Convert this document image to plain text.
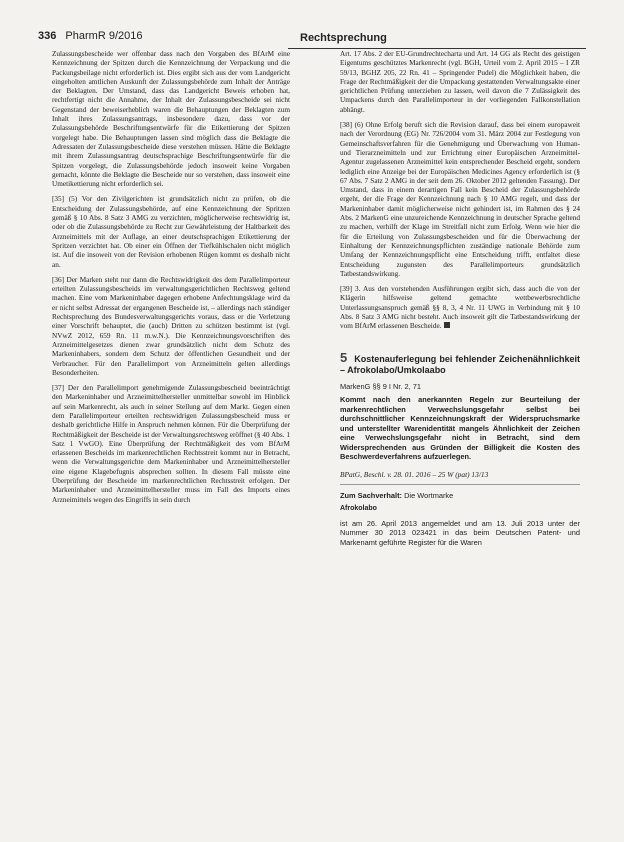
336 PharmR 9/2016	Rechtsprechung

Zulassungsbescheide wer offenbar dass nach den Vorgaben des BfArM eine Kennzeichnung der Spitzen durch die Kennzeichnung der Verpackung und die Packungsbeilage nicht erforderlich ist. Dies ergibt sich aus der vom Landgericht eingeholten amtlichen Auskunft der Zulassungsbehörde zum Inhalt der Anträge der Beklagten. Der Umstand, dass das Landgericht Beweis erhoben hat, rechtfertigt nicht die Annahme, der Inhalt der Zulassungsbescheide sei nicht Gegenstand der beweiserheblich waren die Behauptungen der Beklagten zum Inhalt ihres Zulassungsantrags, insbesondere dazu, dass vor der Zulassungsbehörde Beschriftungsentwürfe für die Etikettierung der Spitzen vorgelegt habe. Die Behauptungen lassen sind möglich dass die Beklagte die Adressaten der Zulassungsbescheide diese verstehen müssen. Hätte die Beklagte mit ihrem Zulassungsantrag deutschsprachige Beschriftungsentwürfe für die Spitzen vorgelegt, die Zulassungsbehörde jedoch insoweit keine Vorgaben gemacht, könnte die Beklagte die Bescheide nur so verstehen, dass insoweit eine Umetikettierung nicht erforderlich sei.

[35] (5) Vor den Zivilgerichten ist grundsätzlich nicht zu prüfen, ob die Entscheidung der Zulassungsbehörde, auf eine Kennzeichnung der Spritzen gemäß § 10 Abs. 8 Satz 3 AMG zu verzichten, möglicherweise rechtswidrig ist, oder ob die Zulassungsbehörde zu Recht zur Gewährleistung der Haltbarkeit des Arzneimittels mit der Auflage, an einer deutschsprachigen Etikettierung der Spritzen verzichtet hat. Ob einer ein Öffnen der Tiefkühlschalen nicht möglich ist. Auf die insoweit von der Revision erhobenen Rügen kommt es deshalb nicht an.

[36] Der Marken steht nur dann die Rechtswidrigkeit des dem Parallelimporteur erteilten Zulassungsbescheids im verwaltungsgerichtlichen Rechtsweg geltend machen. Eine vom Markeninhaber dagegen erhobene Anfechtungsklage wird da er nicht selbst Adressat der ergangenen Bescheide ist, – allerdings nach ständiger Rechtsprechung des Bundesverwaltungsgerichts voraus, dass er die Verletzung einer Vorschrift behauptet, die (auch) Dritten zu schützen bestimmt ist (vgl. NVwZ 2012, 659 Rn. 11 m.w.N.). Die Kennzeichnungsvorschriften des Arzneimittelgesetzes dienen zwar grundsätzlich nicht dem Schutz des Markeninhabers, sondern dem Schutz der öffentlichen Gesundheit und der Verbraucher. Für den Parallelimport von Arzneimitteln gelten allerdings Besonderheiten.

[37] Der den Parallelimport genehmigende Zulassungsbescheid beeinträchtigt den Markeninhaber und Arzneimittelhersteller unmittelbar sowohl im Hinblick auf sein Markenrecht, als auch in seiner Stellung auf dem Markt. Gegen einen dem Parallelimporteur erteilten rechtswidrigen Zulassungsbescheid muss er deshalb gerichtliche Hilfe in Anspruch nehmen können. Für die Überprüfung der Rechtmäßigkeit der Bescheide ist der Verwaltungsrechtsweg eröffnet (§ 40 Abs. 1 Satz 1 VwGO). Eine Überprüfung der Rechtmäßigkeit des vom BfArM erlassenen Bescheids im markenrechtlichen Rechtsstreit kommt nur in Betracht, wenn die Verwaltungsgerichte dem Markeninhaber und Arzneimittelhersteller eine eigene Klagebefugnis absprechen sollten. In diesem Fall müsste eine Überprüfung der Bescheide im markenrechtlichen Rechtsstreit erfolgen. Der Markeninhaber und Arzneimittelhersteller muss im Fall des Imports eines Arzneimittels wegen des Eingriffs in sein durch

Art. 17 Abs. 2 der EU-Grundrechtecharta und Art. 14 GG als Recht des geistigen Eigentums geschütztes Markenrecht (vgl. BGH, Urteil vom 2. April 2015 – I ZR 59/13, BGHZ 205, 22 Rn. 41 – Springender Pudel) die Möglichkeit haben, die Frage der Rechtmäßigkeit der die Umpackung gestattenden Verwaltungsakte einer gerichtlichen Prüfung unterziehen zu lassen, weil davon die 7 Zulässigkeit des Umpackens durch den Parallelimporteur in der vorliegenden Fallkonstellation abhängt.

[38] (6) Ohne Erfolg beruft sich die Revision darauf, dass bei einem europaweit nach der Verordnung (EG) Nr. 726/2004 vom 31. März 2004 zur Festlegung von Gemeinschaftsverfahren für die Genehmigung und Überwachung von Human- und Tierarzneimitteln und zur Errichtung einer Europäischen Arzneimittel-Agentur zugelassenen Arzneimittel kein entsprechender Bescheid ergeht, sondern lediglich eine Anzeige bei der Europäischen Medicines Agency erforderlich ist (§ 67 Abs. 7 Satz 2 AMG in der seit dem 26. Oktober 2012 geltenden Fassung). Der Umstand, dass in einem derartigen Fall kein Bescheid der Zulassungsbehörde ergeht, der die Frage der Kennzeichnung nach § 10 AMG regelt, und dass der Markeninhaber damit möglicherweise nicht gehindert ist, im Rahmen des § 24 Abs. 2 MarkenG eine unzureichende Kennzeichnung in deutscher Sprache geltend zu machen, verhilft der Klage im Streitfall nicht zum Erfolg. Wenn wie hier die für die Erteilung von Zulassungsbescheiden und für die Überwachung der Einhaltung der Kennzeichnungspflichten zuständige nationale Behörde zum Umfang der Kennzeichnungspflicht eine Entscheidung trifft, entfaltet diese Entscheidung zugunsten des Parallelimporteurs grundsätzlich Tatbestandswirkung.

[39] 3. Aus den vorstehenden Ausführungen ergibt sich, dass auch die von der Klägerin hilfsweise geltend gemachte wettbewerbsrechtliche Unterlassungsanspruch gemäß §§ 8, 3, 4 Nr. 11 UWG in Verbindung mit § 10 Abs. 8 Satz 3 AMG nicht besteht. Auch insoweit gilt die Tatbestandswirkung der vom BfArM erlassenen Bescheide.

5 Kostenauferlegung bei fehlender Zeichenähnlichkeit – Afrokolabo/Umkolaabo
MarkenG §§ 9 I Nr. 2, 71
Kommt nach den anerkannten Regeln zur Beurteilung der markenrechtlichen Verwechslungsgefahr selbst bei durchschnittlicher Kennzeichnungskraft der Widerspruchsmarke und unterstellter Warenidentität mangels Ähnlichkeit der Zeichen eine Verwechslungsgefahr nicht in Betracht, sind dem Widersprechenden aus Gründen der Billigkeit die Kosten des Beschwerdeverfahrens aufzuerlegen.
BPatG, Beschl. v. 28. 01. 2016 – 25 W (pat) 13/13
Zum Sachverhalt: Die Wortmarke
Afrokolabo
ist am 26. April 2013 angemeldet und am 13. Juli 2013 unter der Nummer 30 2013 023421 in das beim Deutschen Patent- und Markenamt geführte Register für die Waren
